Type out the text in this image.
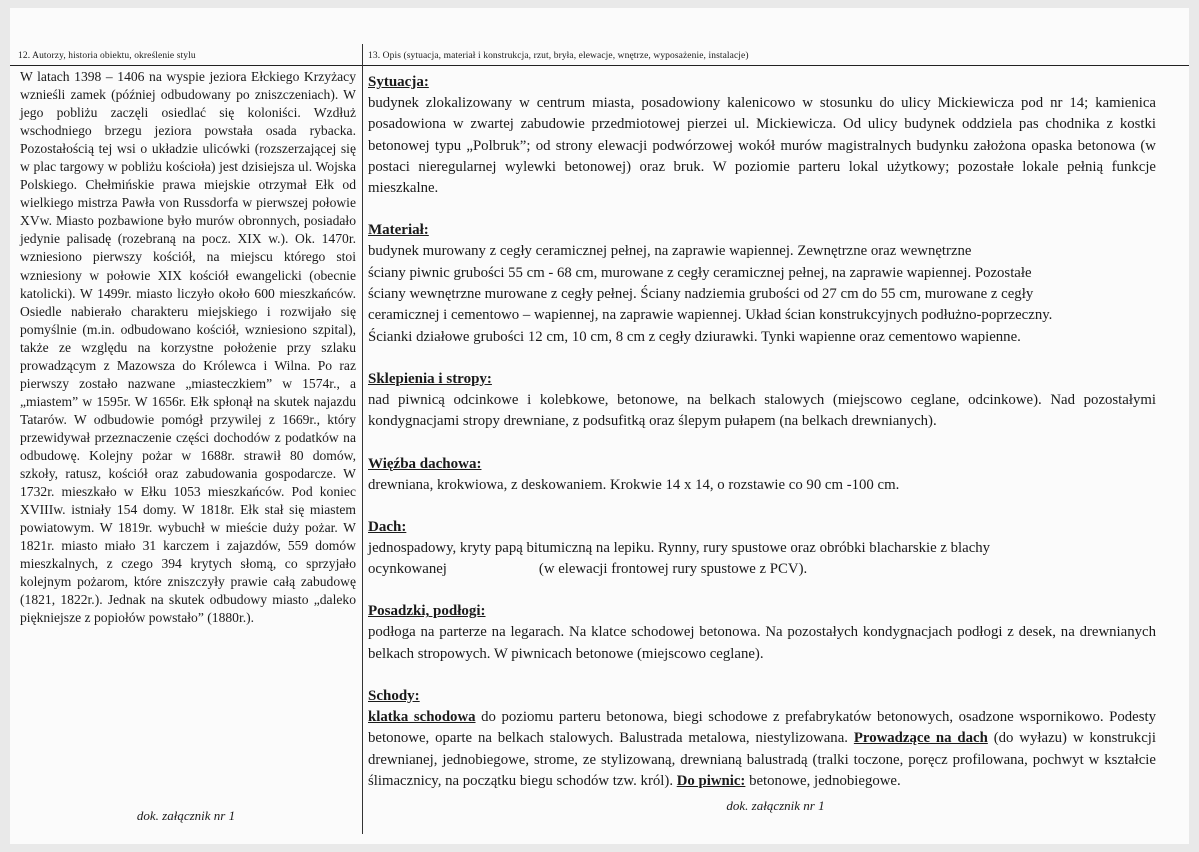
12. Autorzy, historia obiektu, określenie stylu	13. Opis (sytuacja, materiał i konstrukcja, rzut, bryła, elewacje, wnętrze, wyposażenie, instalacje)

W latach 1398 – 1406 na wyspie jeziora Ełckiego Krzyżacy wznieśli zamek (później odbudowany po zniszczeniach). W jego pobliżu zaczęli osiedlać się koloniści. Wzdłuż wschodniego brzegu jeziora powstała osada rybacka. Pozostałością tej wsi o układzie ulicówki (rozszerzającej się w plac targowy w pobliżu kościoła) jest dzisiejsza ul. Wojska Polskiego. Chełmińskie prawa miejskie otrzymał Ełk od wielkiego mistrza Pawła von Russdorfa w pierwszej połowie XVw. Miasto pozbawione było murów obronnych, posiadało jedynie palisadę (rozebraną na pocz. XIX w.). Ok. 1470r. wzniesiono pierwszy kościół, na miejscu którego stoi wzniesiony w połowie XIX kościół ewangelicki (obecnie katolicki). W 1499r. miasto liczyło około 600 mieszkańców. Osiedle nabierało charakteru miejskiego i rozwijało się pomyślnie (m.in. odbudowano kościół, wzniesiono szpital), także ze względu na korzystne położenie przy szlaku prowadzącym z Mazowsza do Królewca i Wilna. Po raz pierwszy zostało nazwane „miasteczkiem” w 1574r., a „miastem” w 1595r. W 1656r. Ełk spłonął na skutek najazdu Tatarów. W odbudowie pomógł przywilej z 1669r., który przewidywał przeznaczenie części dochodów z podatków na odbudowę. Kolejny pożar w 1688r. strawił 80 domów, szkoły, ratusz, kościół oraz zabudowania gospodarcze. W 1732r. mieszkało w Ełku 1053 mieszkańców. Pod koniec XVIIIw. istniały 154 domy. W 1818r. Ełk stał się miastem powiatowym. W 1819r. wybuchł w mieście duży pożar. W 1821r. miasto miało 31 karczem i zajazdów, 559 domów mieszkalnych, z czego 394 krytych słomą, co sprzyjało kolejnym pożarom, które zniszczyły prawie całą zabudowę (1821, 1822r.). Jednak na skutek odbudowy miasto „daleko piękniejsze z popiołów powstało” (1880r.).

dok. załącznik nr 1

Sytuacja:

budynek zlokalizowany w centrum miasta, posadowiony kalenicowo w stosunku do ulicy Mickiewicza pod nr 14; kamienica posadowiona w zwartej zabudowie przedmiotowej pierzei ul. Mickiewicza. Od ulicy budynek oddziela pas chodnika z kostki betonowej typu „Polbruk”; od strony elewacji podwórzowej wokół murów magistralnych budynku założona opaska betonowa (w postaci nieregularnej wylewki betonowej) oraz bruk. W poziomie parteru lokal użytkowy; pozostałe lokale pełnią funkcje mieszkalne.

Materiał:

budynek murowany z cegły ceramicznej pełnej, na zaprawie wapiennej. Zewnętrzne oraz wewnętrzne
ściany piwnic grubości 55 cm - 68 cm, murowane z cegły ceramicznej pełnej, na zaprawie wapiennej. Pozostałe
ściany wewnętrzne murowane z cegły pełnej. Ściany nadziemia grubości od 27 cm do 55 cm, murowane z cegły
ceramicznej i cementowo – wapiennej, na zaprawie wapiennej. Układ ścian konstrukcyjnych podłużno-poprzeczny.
Ścianki działowe grubości 12 cm, 10 cm, 8 cm z cegły dziurawki. Tynki wapienne oraz cementowo wapienne.

Sklepienia i stropy:

nad piwnicą odcinkowe i kolebkowe, betonowe, na belkach stalowych (miejscowo ceglane, odcinkowe). Nad pozostałymi kondygnacjami stropy drewniane, z podsufitką oraz ślepym pułapem (na belkach drewnianych).

Więźba dachowa:

drewniana, krokwiowa, z deskowaniem. Krokwie 14 x 14, o rozstawie co 90 cm -100 cm.

Dach:

jednospadowy, kryty papą bitumiczną na lepiku. Rynny, rury spustowe oraz obróbki blacharskie z blachy
ocynkowanej	(w elewacji frontowej rury spustowe z PCV).

Posadzki, podłogi:

podłoga na parterze na legarach. Na klatce schodowej betonowa. Na pozostałych kondygnacjach podłogi z desek, na drewnianych belkach stropowych. W piwnicach betonowe (miejscowo ceglane).

Schody:

klatka schodowa do poziomu parteru betonowa, biegi schodowe z prefabrykatów betonowych, osadzone wspornikowo. Podesty betonowe, oparte na belkach stalowych. Balustrada metalowa, niestylizowana. Prowadzące na dach (do wyłazu) w konstrukcji drewnianej, jednobiegowe, strome, ze stylizowaną, drewnianą balustradą (tralki toczone, poręcz profilowana, pochwyt w kształcie ślimacznicy, na początku biegu schodów tzw. król). Do piwnic: betonowe, jednobiegowe.

dok. załącznik nr 1
